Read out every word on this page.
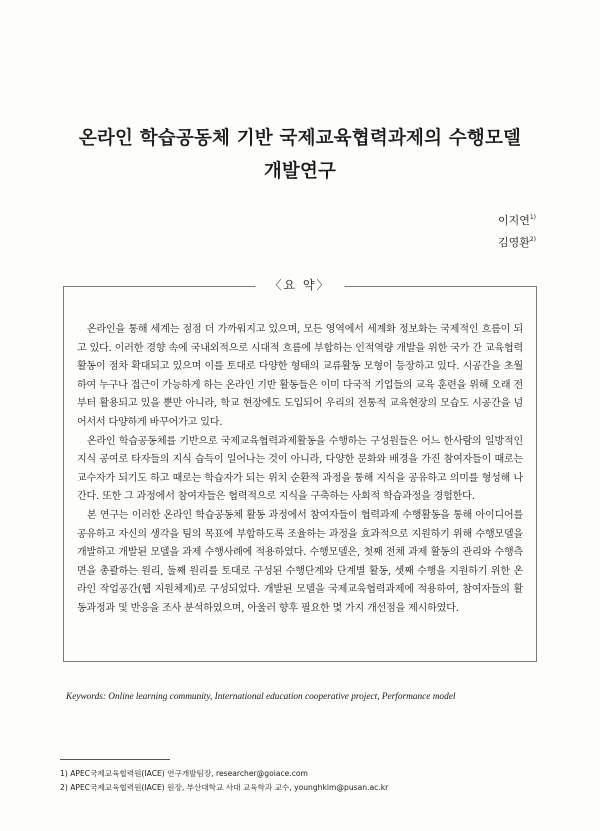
온라인 학습공동체 기반 국제교육협력과제의 수행모델
개발연구
이지연$^{1)}$
김영환$^{2)}$
〈요 약〉

온라인을 통해 세계는 점점 더 가까워지고 있으며, 모든 영역에서 세계화 정보화는 국제적인 흐름이 되고 있다. 이러한 경향 속에 국내외적으로 시대적 흐름에 부합하는 인적역량 개발을 위한 국가 간 교육협력활동이 점차 확대되고 있으며 이를 토대로 다양한 형태의 교류활동 모형이 등장하고 있다. 시공간을 초월하여 누구나 접근이 가능하게 하는 온라인 기반 활동들은 이미 다국적 기업들의 교육 훈련을 위해 오래 전부터 활용되고 있을 뿐만 아니라, 학교 현장에도 도입되어 우리의 전통적 교육현장의 모습도 시공간을 넘어서서 다양하게 바꾸어가고 있다.

온라인 학습공동체를 기반으로 국제교육협력과제활동을 수행하는 구성원들은 어느 한사람의 일방적인 지식 공여로 타자들의 지식 습득이 일어나는 것이 아니라, 다양한 문화와 배경을 가진 참여자들이 때로는 교수자가 되기도 하고 때로는 학습자가 되는 위치 순환적 과정을 통해 지식을 공유하고 의미를 형성해 나간다. 또한 그 과정에서 참여자들은 협력적으로 지식을 구축하는 사회적 학습과정을 경험한다.

본 연구는 이러한 온라인 학습공동체 활동 과정에서 참여자들이 협력과제 수행활동을 통해 아이디어를 공유하고 자신의 생각을 팀의 목표에 부합하도록 조율하는 과정을 효과적으로 지원하기 위해 수행모델을 개발하고 개발된 모델을 과제 수행사례에 적용하였다. 수행모델은, 첫째 전체 과제 활동의 관리와 수행측면을 총괄하는 원리, 둘째 원리를 토대로 구성된 수행단계와 단계별 활동, 셋째 수행을 지원하기 위한 온라인 작업공간(웹 지원체제)로 구성되었다. 개발된 모델을 국제교육협력과제에 적용하여, 참여자들의 활동과정과 및 반응을 조사 분석하였으며, 아울러 향후 필요한 몇 가지 개선점을 제시하였다.

Keywords: Online learning community, International education cooperative project, Performance model
1) APEC국제교육협력원(IACE) 연구개발팀장, researcher@goiace.com
2) APEC국제교육협력원(IACE) 원장, 부산대학교 사대 교육학과 교수, younghkim@pusan.ac.kr
